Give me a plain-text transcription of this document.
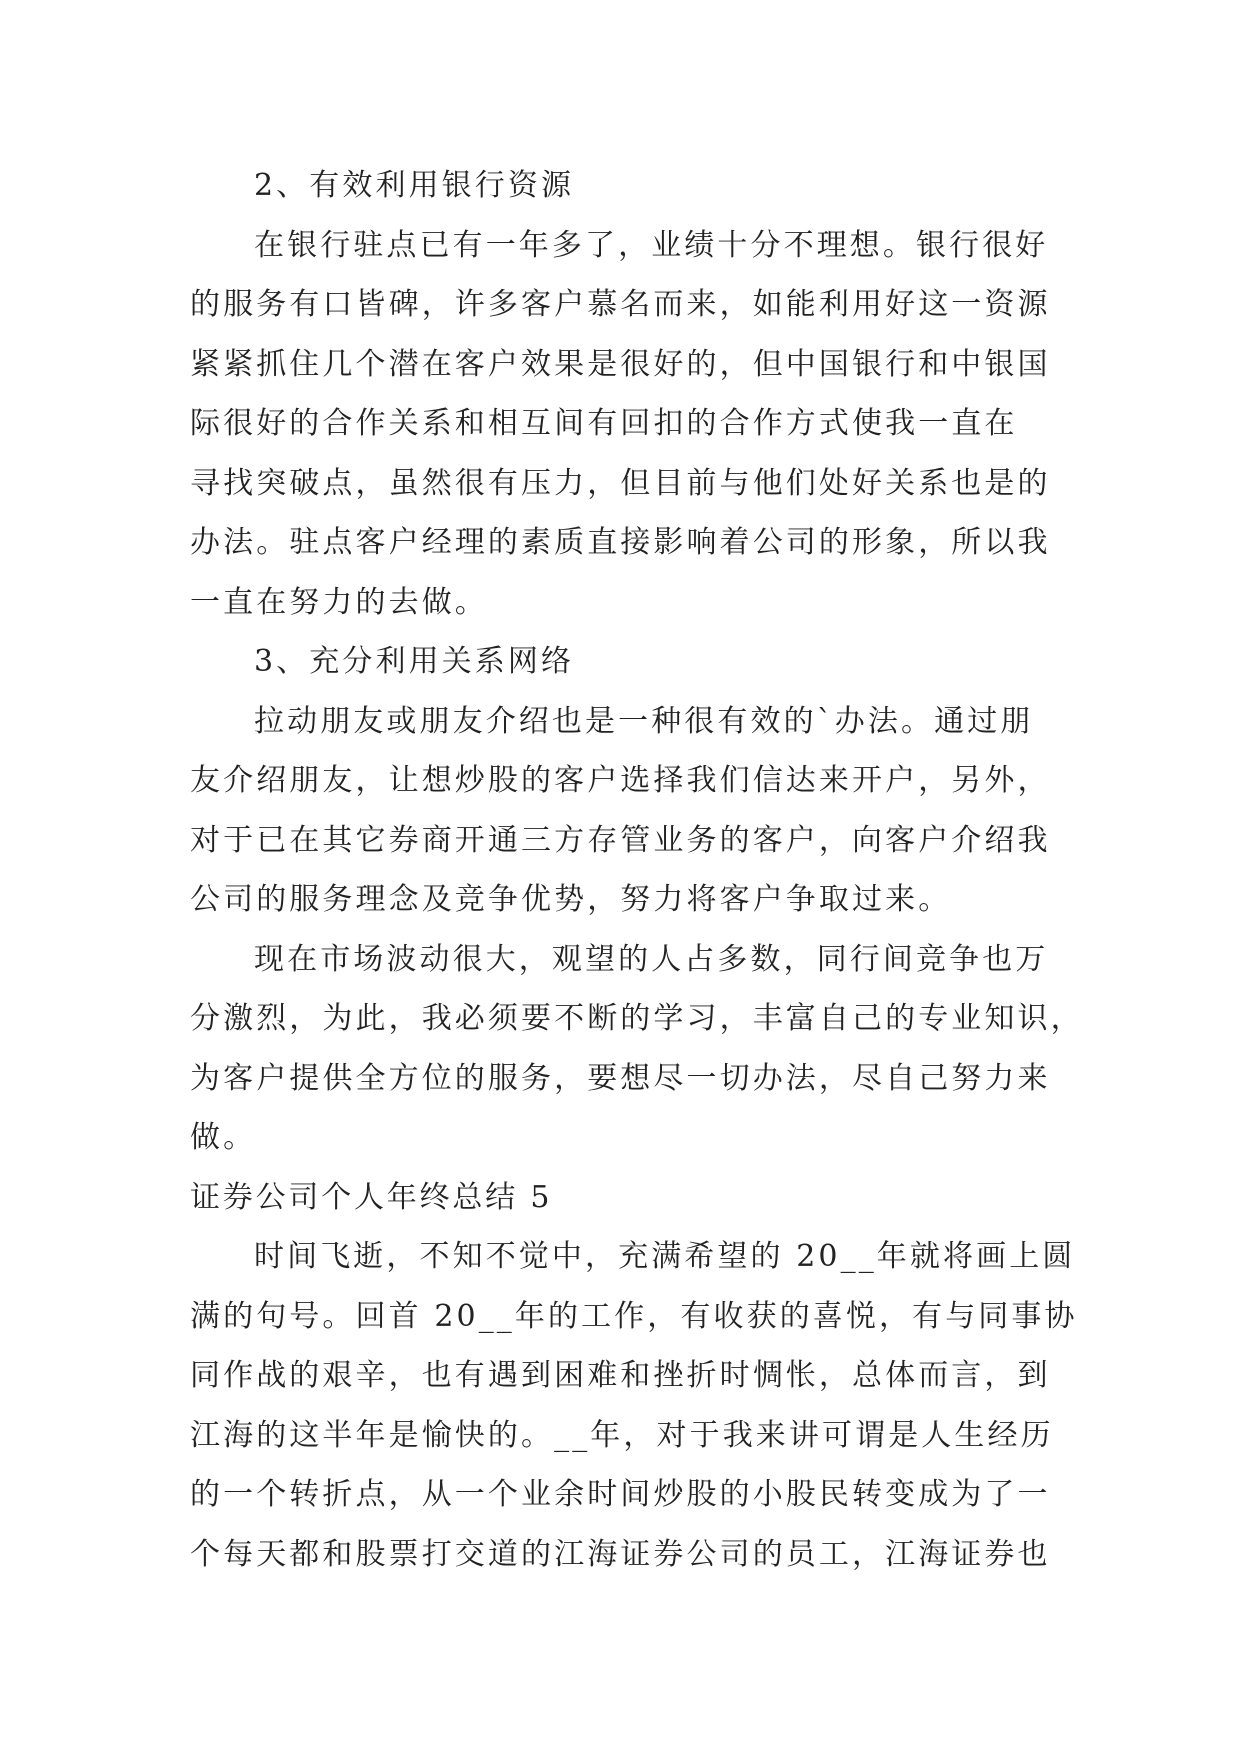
2、有效利用银行资源
在银行驻点已有一年多了，业绩十分不理想。银行很好
的服务有口皆碑，许多客户慕名而来，如能利用好这一资源
紧紧抓住几个潜在客户效果是很好的，但中国银行和中银国
际很好的合作关系和相互间有回扣的合作方式使我一直在
寻找突破点，虽然很有压力，但目前与他们处好关系也是的
办法。驻点客户经理的素质直接影响着公司的形象，所以我
一直在努力的去做。
3、充分利用关系网络
拉动朋友或朋友介绍也是一种很有效的`办法。通过朋
友介绍朋友，让想炒股的客户选择我们信达来开户，另外，
对于已在其它券商开通三方存管业务的客户，向客户介绍我
公司的服务理念及竞争优势，努力将客户争取过来。
现在市场波动很大，观望的人占多数，同行间竞争也万
分激烈，为此，我必须要不断的学习，丰富自己的专业知识，
为客户提供全方位的服务，要想尽一切办法，尽自己努力来
做。
证券公司个人年终总结 5
时间飞逝，不知不觉中，充满希望的 20__年就将画上圆
满的句号。回首 20__年的工作，有收获的喜悦，有与同事协
同作战的艰辛，也有遇到困难和挫折时惆怅，总体而言，到
江海的这半年是愉快的。__年，对于我来讲可谓是人生经历
的一个转折点，从一个业余时间炒股的小股民转变成为了一
个每天都和股票打交道的江海证券公司的员工，江海证券也
